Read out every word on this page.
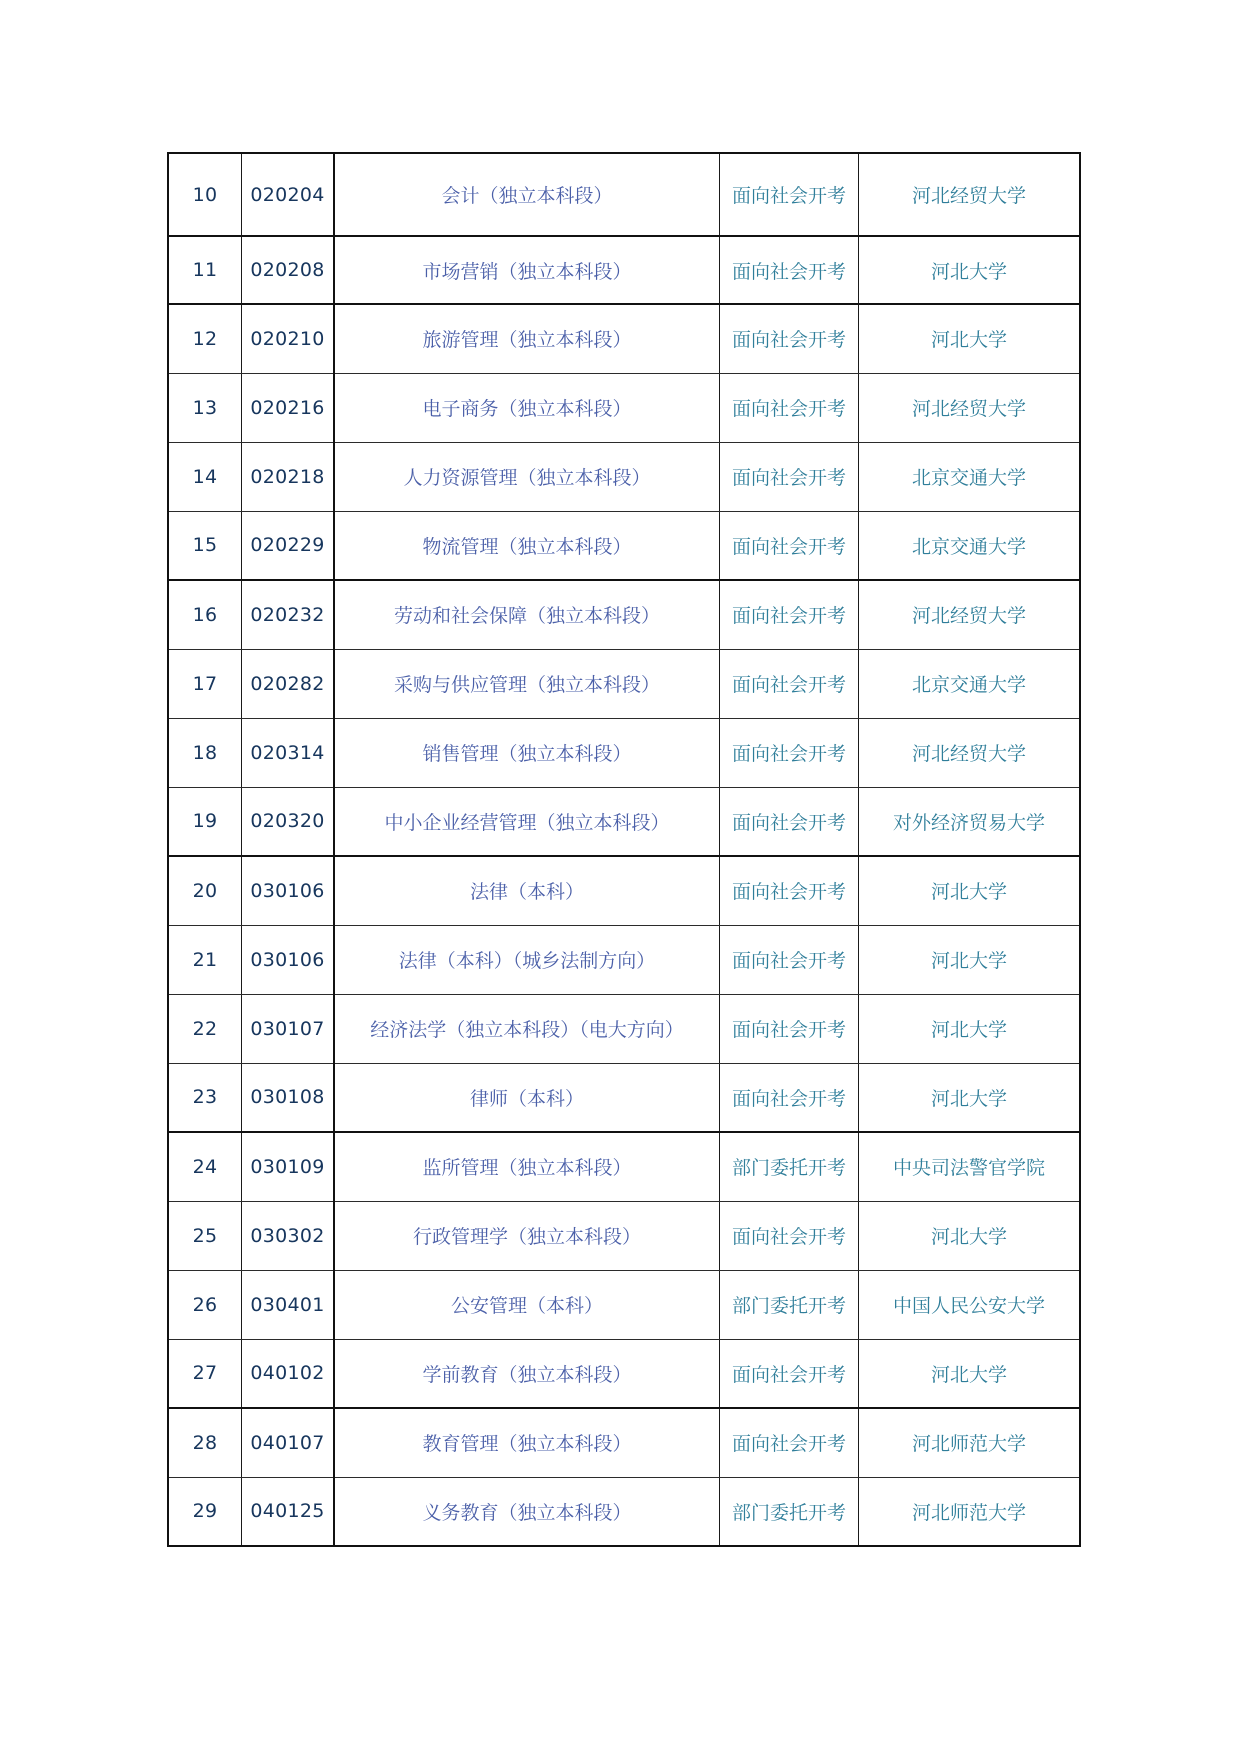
10	020204	会计（独立本科段）	面向社会开考	河北经贸大学
11	020208	市场营销（独立本科段）	面向社会开考	河北大学
12	020210	旅游管理（独立本科段）	面向社会开考	河北大学
13	020216	电子商务（独立本科段）	面向社会开考	河北经贸大学
14	020218	人力资源管理（独立本科段）	面向社会开考	北京交通大学
15	020229	物流管理（独立本科段）	面向社会开考	北京交通大学
16	020232	劳动和社会保障（独立本科段）	面向社会开考	河北经贸大学
17	020282	采购与供应管理（独立本科段）	面向社会开考	北京交通大学
18	020314	销售管理（独立本科段）	面向社会开考	河北经贸大学
19	020320	中小企业经营管理（独立本科段）	面向社会开考	对外经济贸易大学
20	030106	法律（本科）	面向社会开考	河北大学
21	030106	法律（本科）（城乡法制方向）	面向社会开考	河北大学
22	030107	经济法学（独立本科段）（电大方向）	面向社会开考	河北大学
23	030108	律师（本科）	面向社会开考	河北大学
24	030109	监所管理（独立本科段）	部门委托开考	中央司法警官学院
25	030302	行政管理学（独立本科段）	面向社会开考	河北大学
26	030401	公安管理（本科）	部门委托开考	中国人民公安大学
27	040102	学前教育（独立本科段）	面向社会开考	河北大学
28	040107	教育管理（独立本科段）	面向社会开考	河北师范大学
29	040125	义务教育（独立本科段）	部门委托开考	河北师范大学
